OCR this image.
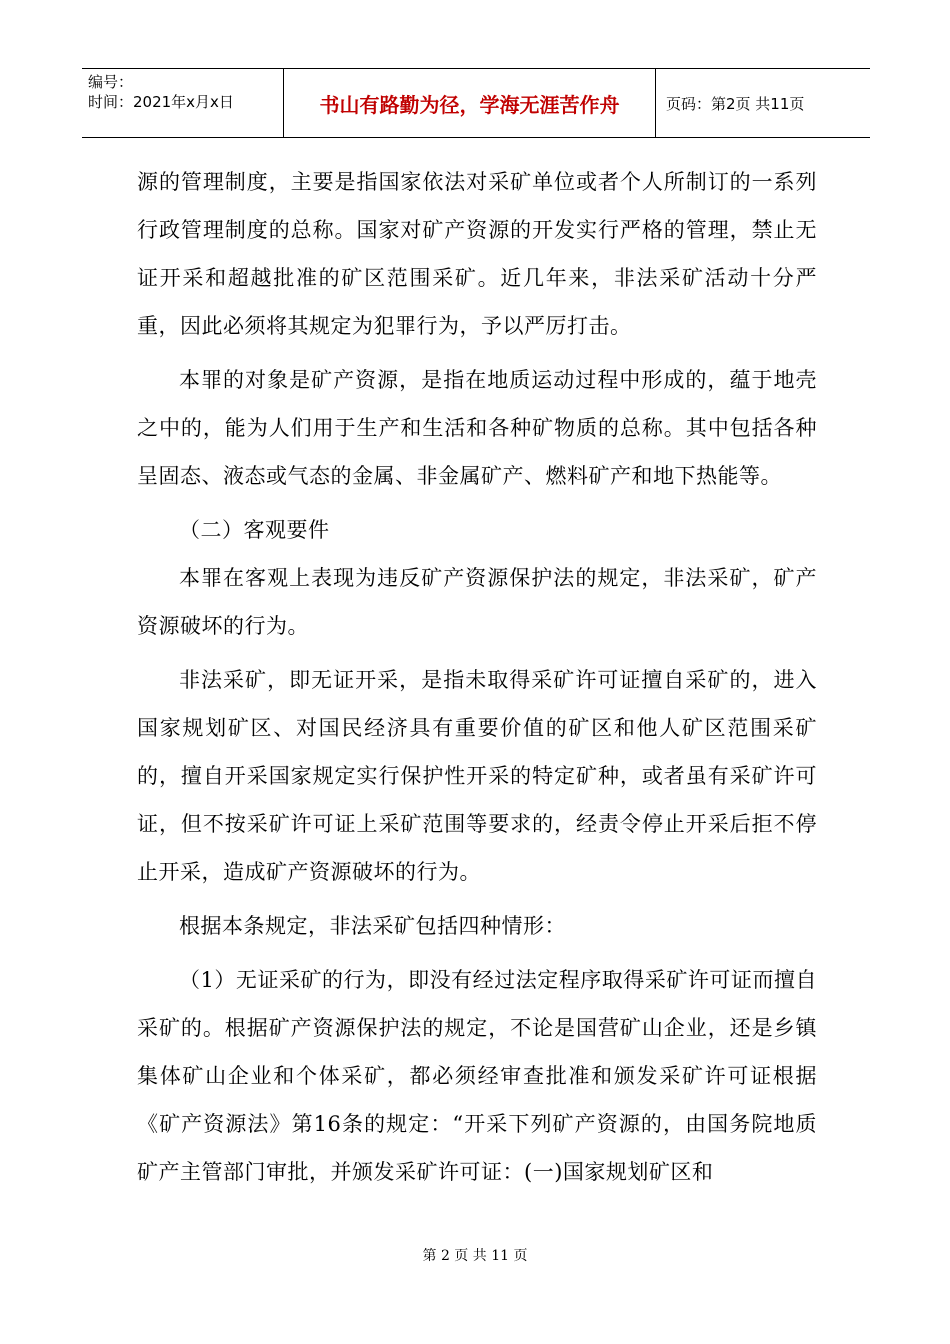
编号：
时间：2021年x月x日	书山有路勤为径，学海无涯苦作舟	页码：第2页 共11页

源的管理制度，主要是指国家依法对采矿单位或者个人所制订的一系列行政管理制度的总称。国家对矿产资源的开发实行严格的管理，禁止无证开采和超越批准的矿区范围采矿。近几年来，非法采矿活动十分严重，因此必须将其规定为犯罪行为，予以严厉打击。

本罪的对象是矿产资源，是指在地质运动过程中形成的，蕴于地壳之中的，能为人们用于生产和生活和各种矿物质的总称。其中包括各种呈固态、液态或气态的金属、非金属矿产、燃料矿产和地下热能等。

（二）客观要件

本罪在客观上表现为违反矿产资源保护法的规定，非法采矿，矿产资源破坏的行为。

非法采矿，即无证开采，是指未取得采矿许可证擅自采矿的，进入国家规划矿区、对国民经济具有重要价值的矿区和他人矿区范围采矿的，擅自开采国家规定实行保护性开采的特定矿种，或者虽有采矿许可证，但不按采矿许可证上采矿范围等要求的，经责令停止开采后拒不停止开采，造成矿产资源破坏的行为。

根据本条规定，非法采矿包括四种情形：

（1）无证采矿的行为，即没有经过法定程序取得采矿许可证而擅自采矿的。根据矿产资源保护法的规定，不论是国营矿山企业，还是乡镇集体矿山企业和个体采矿，都必须经审查批准和颁发采矿许可证根据《矿产资源法》第16条的规定：“开采下列矿产资源的，由国务院地质矿产主管部门审批，并颁发采矿许可证：(一)国家规划矿区和

第 2 页 共 11 页
